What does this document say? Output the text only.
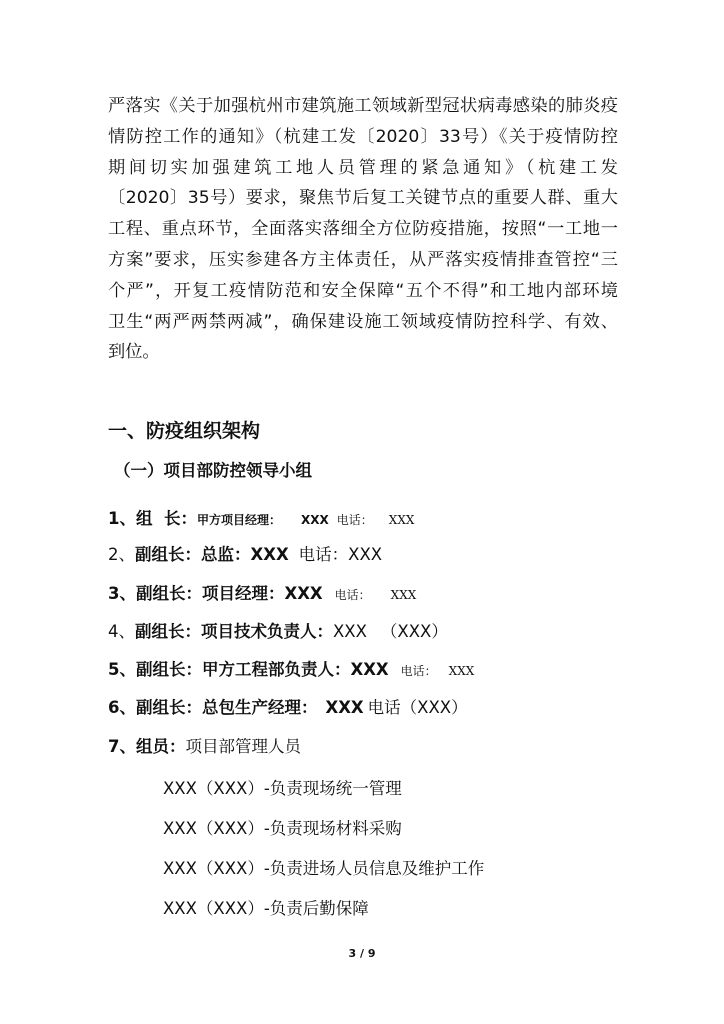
严落实《关于加强杭州市建筑施工领域新型冠状病毒感染的肺炎疫
情防控工作的通知》（杭建工发〔2020〕33号）《关于疫情防控
期间切实加强建筑工地人员管理的紧急通知》（杭建工发
〔2020〕35号）要求，聚焦节后复工关键节点的重要人群、重大
工程、重点环节，全面落实落细全方位防疫措施，按照“一工地一
方案”要求，压实参建各方主体责任，从严落实疫情排查管控“三
个严”，开复工疫情防范和安全保障“五个不得”和工地内部环境
卫生“两严两禁两减”，确保建设施工领域疫情防控科学、有效、
到位。
一、防疫组织架构
（一）项目部防控领导小组
1、组  长：甲方项目经理： XXX 电话： XXX
2、副组长：总监：XXX 电话：XXX
3、副组长：项目经理：XXX 电话： XXX
4、副组长：项目技术负责人：XXX （XXX）
5、副组长：甲方工程部负责人：XXX 电话： XXX
6、副组长：总包生产经理： XXX 电话（XXX）
7、组员：项目部管理人员
XXX（XXX）-负责现场统一管理
XXX（XXX）-负责现场材料采购
XXX（XXX）-负责进场人员信息及维护工作
XXX（XXX）-负责后勤保障
3 / 9
